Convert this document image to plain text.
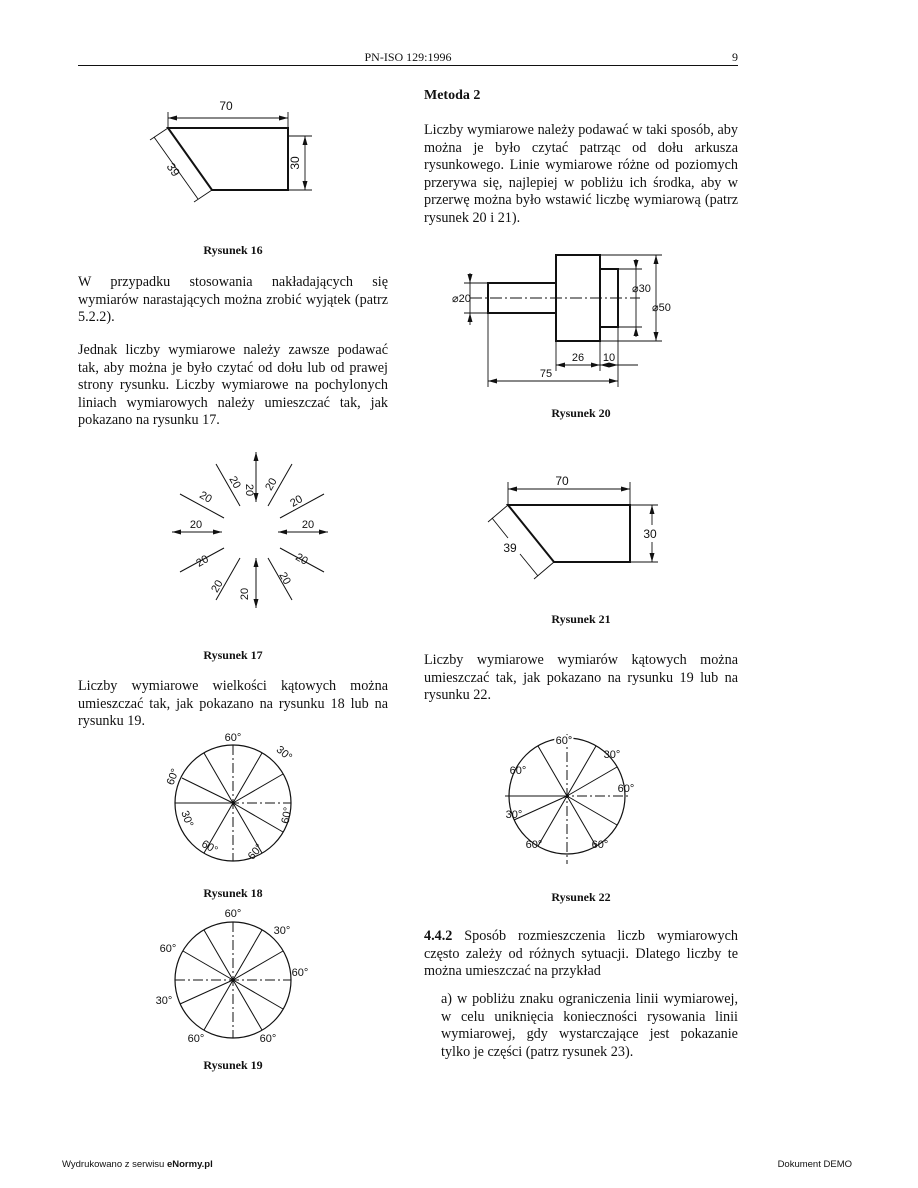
PN-ISO 129:1996	9
70
39	30
Rysunek 16
W przypadku stosowania nakładających się wymiarów narastających można zrobić wyjątek (patrz 5.2.2).
Jednak liczby wymiarowe należy zawsze podawać tak, aby można je było czytać od dołu lub od prawej strony rysunku. Liczby wymiarowe na pochylonych liniach wymiarowych należy umieszczać tak, jak pokazano na rysunku 17.
20 20 20
20	20
20	20
20	20
20 20
20
Rysunek 17
Liczby wymiarowe wielkości kątowych można umieszczać tak, jak pokazano na rysunku 18 lub na rysunku 19.
60°
30°
60°
30°	60°
60° 60°
Rysunek 18
60°
30°
60°
60°
30°
60°	60°
Rysunek 19
Metoda 2
Liczby wymiarowe należy podawać w taki sposób, aby można je było czytać patrząc od dołu arkusza rysunkowego. Linie wymiarowe różne od poziomych przerywa się, najlepiej w pobliżu ich środka, aby w przerwę można było wstawić liczbę wymiarową (patrz rysunek 20 i 21).
⌀20
⌀30
⌀50
26 10
75
Rysunek 20
70
39
30
Rysunek 21
Liczby wymiarowe wymiarów kątowych można umieszczać tak, jak pokazano na rysunku 19 lub na rysunku 22.
60°
30°
60°
60°
30°
60°	60°
Rysunek 22
4.4.2 Sposób rozmieszczenia liczb wymiarowych często zależy od różnych sytuacji. Dlatego liczby te można umieszczać na przykład
a) w pobliżu znaku ograniczenia linii wymiarowej, w celu uniknięcia konieczności rysowania linii wymiarowej, gdy wystarczające jest pokazanie tylko je części (patrz rysunek 23).
Wydrukowano z serwisu eNormy.pl	Dokument DEMO
